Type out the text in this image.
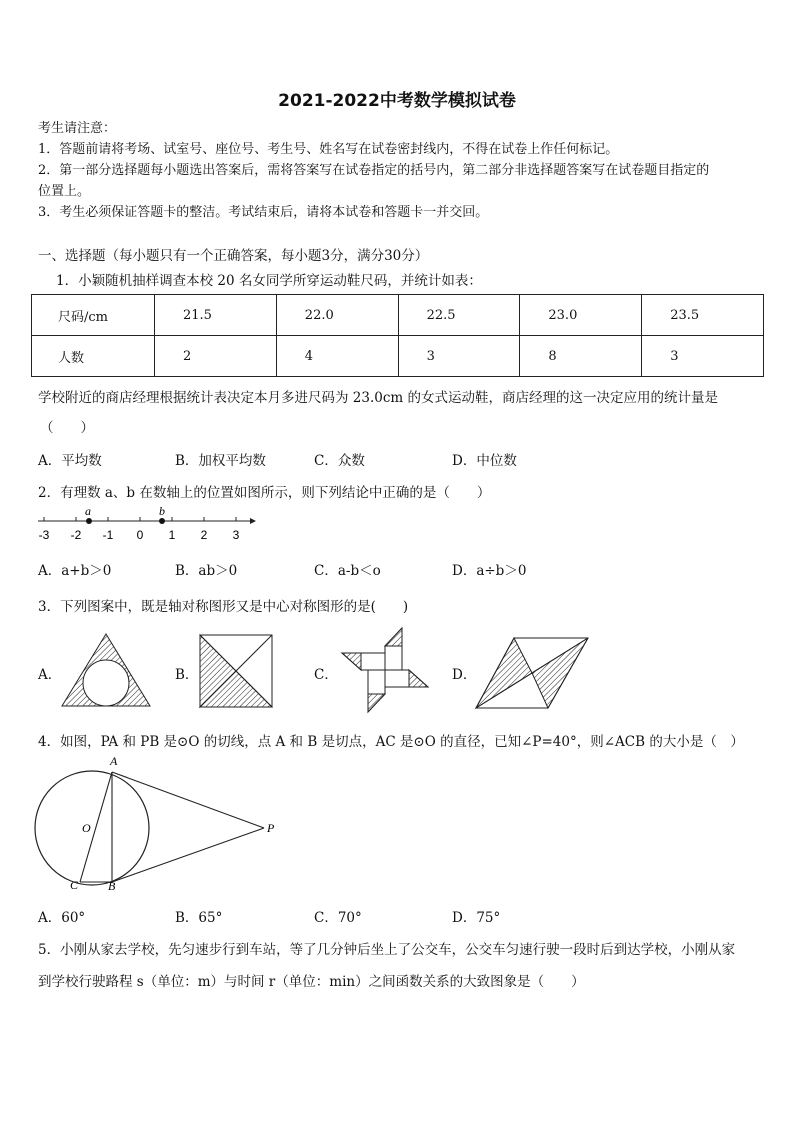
2021-2022中考数学模拟试卷
考生请注意：
1．答题前请将考场、试室号、座位号、考生号、姓名写在试卷密封线内，不得在试卷上作任何标记。
2．第一部分选择题每小题选出答案后，需将答案写在试卷指定的括号内，第二部分非选择题答案写在试卷题目指定的
位置上。
3．考生必须保证答题卡的整洁。考试结束后，请将本试卷和答题卡一并交回。
一、选择题（每小题只有一个正确答案，每小题3分，满分30分）
1．小颖随机抽样调查本校 20 名女同学所穿运动鞋尺码，并统计如表：
尺码/cm	21.5	22.0	22.5	23.0	23.5
人数	2	4	3	8	3
学校附近的商店经理根据统计表决定本月多进尺码为 23.0cm 的女式运动鞋，商店经理的这一决定应用的统计量是
（　　）
A．平均数	B．加权平均数	C．众数	D．中位数
2．有理数 a、b 在数轴上的位置如图所示，则下列结论中正确的是（　　）
a	b
-3 -2 -1 0 1 2 3
A．a+b＞0	B．ab＞0	C．a-b＜o	D．a÷b＞0
3．下列图案中，既是轴对称图形又是中心对称图形的是(　　)
A．	B．	C．	D．
4．如图，PA 和 PB 是⊙O 的切线，点 A 和 B 是切点，AC 是⊙O 的直径，已知∠P=40°，则∠ACB 的大小是（　）
A
O	P
C B
A．60°	B．65°	C．70°	D．75°
5．小刚从家去学校，先匀速步行到车站，等了几分钟后坐上了公交车，公交车匀速行驶一段时后到达学校，小刚从家
到学校行驶路程 s（单位：m）与时间 r（单位：min）之间函数关系的大致图象是（　　）
